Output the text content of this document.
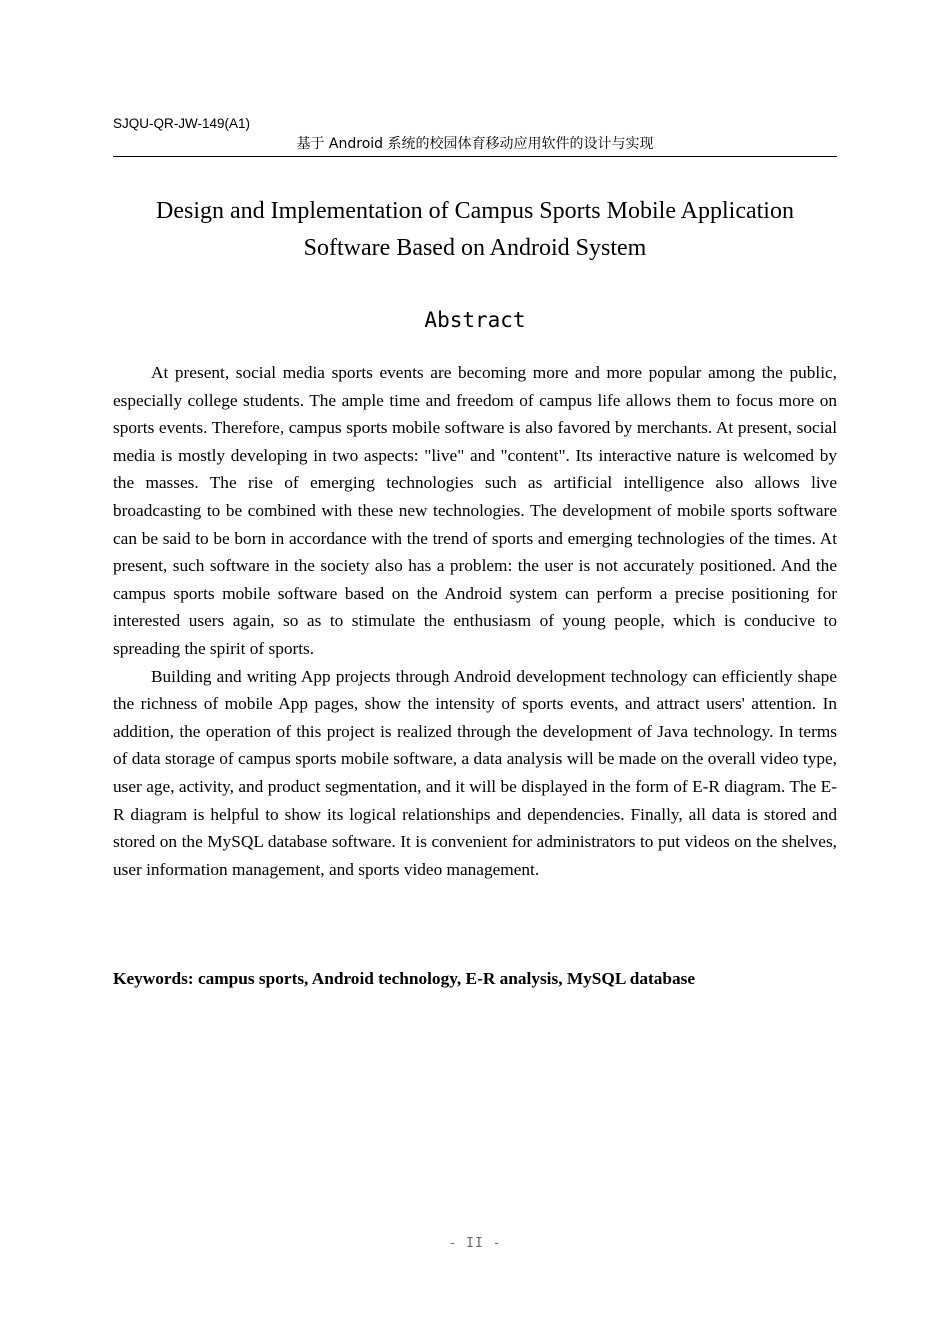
SJQU-QR-JW-149(A1)
基于 Android 系统的校园体育移动应用软件的设计与实现
Design and Implementation of Campus Sports Mobile Application
Software Based on Android System
Abstract

At present, social media sports events are becoming more and more popular among the public, especially college students. The ample time and freedom of campus life allows them to focus more on sports events. Therefore, campus sports mobile software is also favored by merchants. At present, social media is mostly developing in two aspects: "live" and "content". Its interactive nature is welcomed by the masses. The rise of emerging technologies such as artificial intelligence also allows live broadcasting to be combined with these new technologies. The development of mobile sports software can be said to be born in accordance with the trend of sports and emerging technologies of the times. At present, such software in the society also has a problem: the user is not accurately positioned. And the campus sports mobile software based on the Android system can perform a precise positioning for interested users again, so as to stimulate the enthusiasm of young people, which is conducive to spreading the spirit of sports.

Building and writing App projects through Android development technology can efficiently shape the richness of mobile App pages, show the intensity of sports events, and attract users' attention. In addition, the operation of this project is realized through the development of Java technology. In terms of data storage of campus sports mobile software, a data analysis will be made on the overall video type, user age, activity, and product segmentation, and it will be displayed in the form of E-R diagram. The E-R diagram is helpful to show its logical relationships and dependencies. Finally, all data is stored and stored on the MySQL database software. It is convenient for administrators to put videos on the shelves, user information management, and sports video management.

Keywords: campus sports, Android technology, E-R analysis, MySQL database
- II -
